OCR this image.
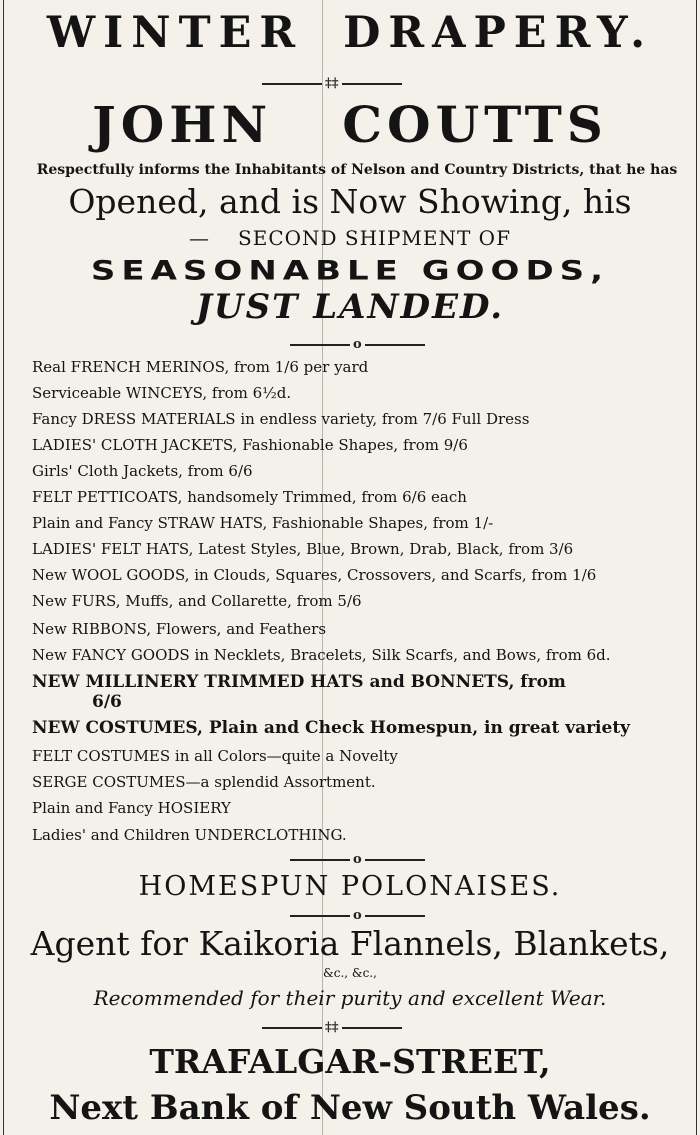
WINTER DRAPERY.
‡‡
JOHN COUTTS
Respectfully informs the Inhabitants of Nelson and Country Districts, that he has
Opened, and is Now Showing, his
— SECOND SHIPMENT OF
SEASONABLE GOODS,
JUST LANDED.
o
Real FRENCH MERINOS, from 1/6 per yard
Serviceable WINCEYS, from 6½d.
Fancy DRESS MATERIALS in endless variety, from 7/6 Full Dress
LADIES' CLOTH JACKETS, Fashionable Shapes, from 9/6
Girls' Cloth Jackets, from 6/6
FELT PETTICOATS, handsomely Trimmed, from 6/6 each
Plain and Fancy STRAW HATS, Fashionable Shapes, from 1/-
LADIES' FELT HATS, Latest Styles, Blue, Brown, Drab, Black, from 3/6
New WOOL GOODS, in Clouds, Squares, Crossovers, and Scarfs, from 1/6
New FURS, Muffs, and Collarette, from 5/6
New RIBBONS, Flowers, and Feathers
New FANCY GOODS in Necklets, Bracelets, Silk Scarfs, and Bows, from 6d.
NEW MILLINERY TRIMMED HATS and BONNETS, from
6/6
NEW COSTUMES, Plain and Check Homespun, in great variety
FELT COSTUMES in all Colors—quite a Novelty
SERGE COSTUMES—a splendid Assortment.
Plain and Fancy HOSIERY
Ladies' and Children UNDERCLOTHING.
o
HOMESPUN POLONAISES.
o
Agent for Kaikoria Flannels, Blankets,
&c., &c.,
Recommended for their purity and excellent Wear.
‡‡
TRAFALGAR-STREET,
Next Bank of New South Wales.
